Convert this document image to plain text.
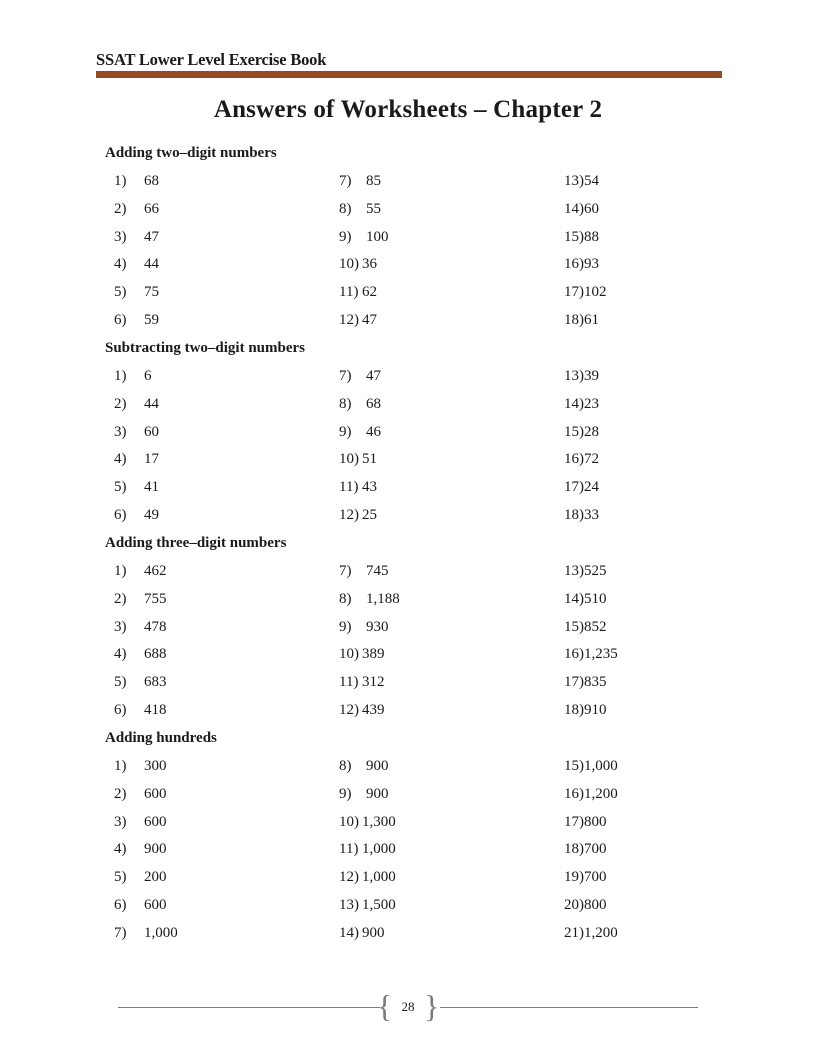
SSAT Lower Level Exercise Book
Answers of Worksheets – Chapter 2
Adding two–digit numbers
1) 68
2) 66
3) 47
4) 44
5) 75
6) 59
7) 85
8) 55
9) 100
10) 36
11) 62
12) 47
13) 54
14) 60
15) 88
16) 93
17) 102
18) 61
Subtracting two–digit numbers
1) 6
2) 44
3) 60
4) 17
5) 41
6) 49
7) 47
8) 68
9) 46
10) 51
11) 43
12) 25
13) 39
14) 23
15) 28
16) 72
17) 24
18) 33
Adding three–digit numbers
1) 462
2) 755
3) 478
4) 688
5) 683
6) 418
7) 745
8) 1,188
9) 930
10) 389
11) 312
12) 439
13) 525
14) 510
15) 852
16) 1,235
17) 835
18) 910
Adding hundreds
1) 300
2) 600
3) 600
4) 900
5) 200
6) 600
7) 1,000
8) 900
9) 900
10) 1,300
11) 1,000
12) 1,000
13) 1,500
14) 900
15) 1,000
16) 1,200
17) 800
18) 700
19) 700
20) 800
21) 1,200
{ 28 }
